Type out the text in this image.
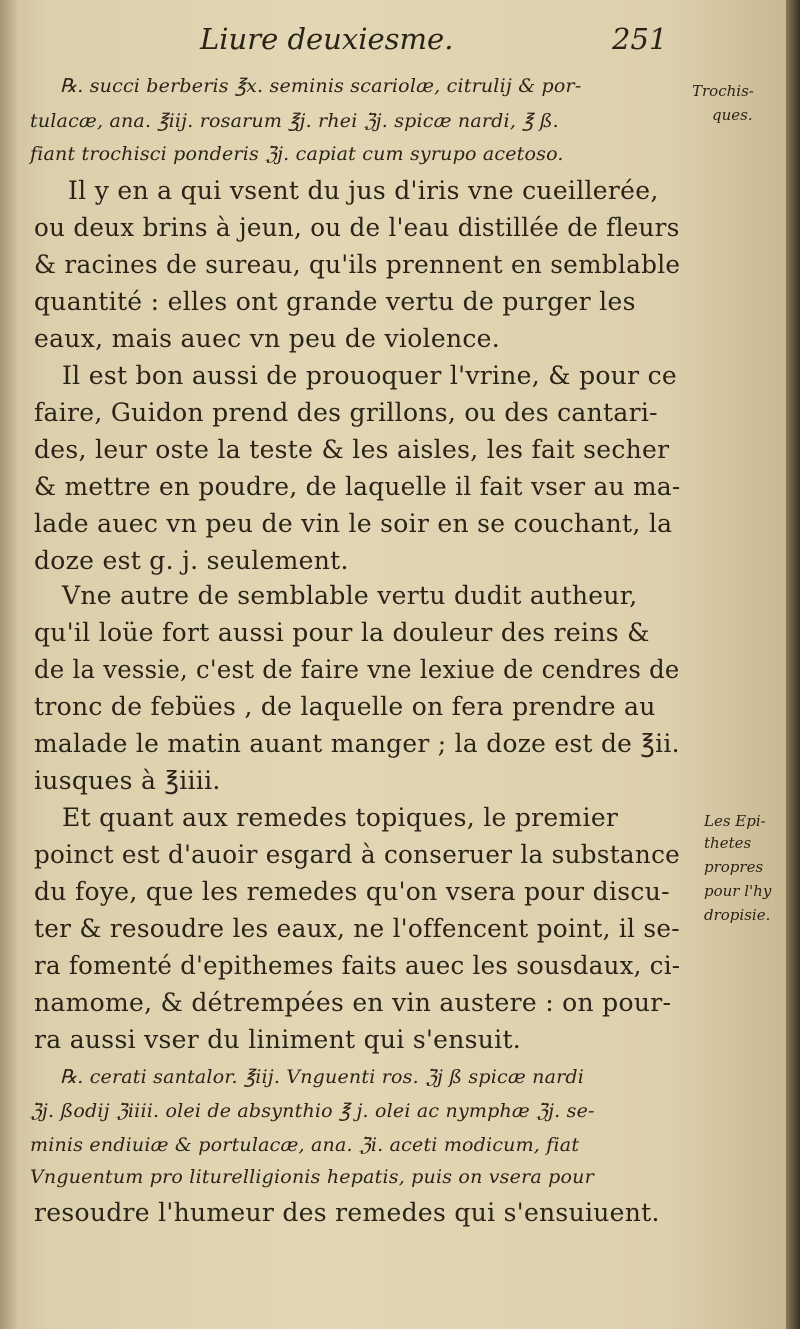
Liure deuxiesme.	251
℞. succi berberis ℥x. seminis scariolæ, citrulij & por-
tulacæ, ana. ℥iij. rosarum ℥j. rhei ℨj. spicæ nardi, ℥ ß.
fiant trochisci ponderis ℨj. capiat cum syrupo acetoso.
Il y en a qui vsent du jus d'iris vne cueillerée,
ou deux brins à jeun, ou de l'eau distillée de fleurs
& racines de sureau, qu'ils prennent en semblable
quantité : elles ont grande vertu de purger les
eaux, mais auec vn peu de violence.
Il est bon aussi de prouoquer l'vrine, & pour ce
faire, Guidon prend des grillons, ou des cantari-
des, leur oste la teste & les aisles, les fait secher
& mettre en poudre, de laquelle il fait vser au ma-
lade auec vn peu de vin le soir en se couchant, la
doze est g. j. seulement.
Vne autre de semblable vertu dudit autheur,
qu'il loüe fort aussi pour la douleur des reins &
de la vessie, c'est de faire vne lexiue de cendres de
tronc de febües , de laquelle on fera prendre au
malade le matin auant manger ; la doze est de ℥ii.
iusques à ℥iiii.
Et quant aux remedes topiques, le premier
poinct est d'auoir esgard à conseruer la substance
du foye, que les remedes qu'on vsera pour discu-
ter & resoudre les eaux, ne l'offencent point, il se-
ra fomenté d'epithemes faits auec les sousdaux, ci-
namome, & détrempées en vin austere : on pour-
ra aussi vser du liniment qui s'ensuit.
℞. cerati santalor. ℥iij. Vnguenti ros. ℨj ß spicæ nardi
ℨj. ßodij ℨiiii. olei de absynthio ℥ j. olei ac nymphæ ℨj. se-
minis endiuiæ & portulacæ, ana. ℨi. aceti modicum, fiat
Vnguentum pro liturelligionis hepatis, puis on vsera pour
resoudre l'humeur des remedes qui s'ensuiuent.
Trochis-
ques.
Les Epi-
thetes
propres
pour l'hy
dropisie.
